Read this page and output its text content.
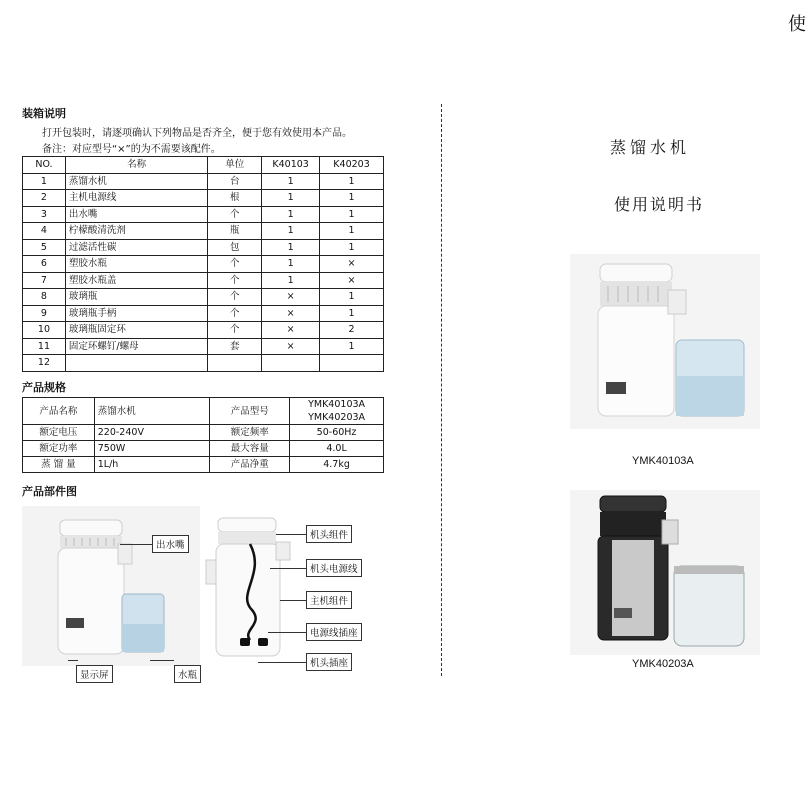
使
装箱说明
打开包装时，请逐项确认下列物品是否齐全，便于您有效使用本产品。
备注：对应型号“×”的为不需要该配件。
NO.	名称	单位	K40103	K40203
1	蒸馏水机	台	1	1
2	主机电源线	根	1	1
3	出水嘴	个	1	1
4	柠檬酸清洗剂	瓶	1	1
5	过滤活性碳	包	1	1
6	塑胶水瓶	个	1	×
7	塑胶水瓶盖	个	1	×
8	玻璃瓶	个	×	1
9	玻璃瓶手柄	个	×	1
10	玻璃瓶固定环	个	×	2
11	固定环螺钉/螺母	套	×	1
12				
产品规格
产品名称	蒸馏水机	产品型号	YMK40103A
YMK40203A
额定电压	220-240V	额定频率	50-60Hz
额定功率	750W	最大容量	4.0L
蒸 馏 量	1L/h	产品净重	4.7kg
产品部件图
出水嘴
显示屏	水瓶
机头组件
机头电源线
主机组件
电源线插座
机头插座
蒸馏水机
使用说明书
YMK40103A
YMK40203A
